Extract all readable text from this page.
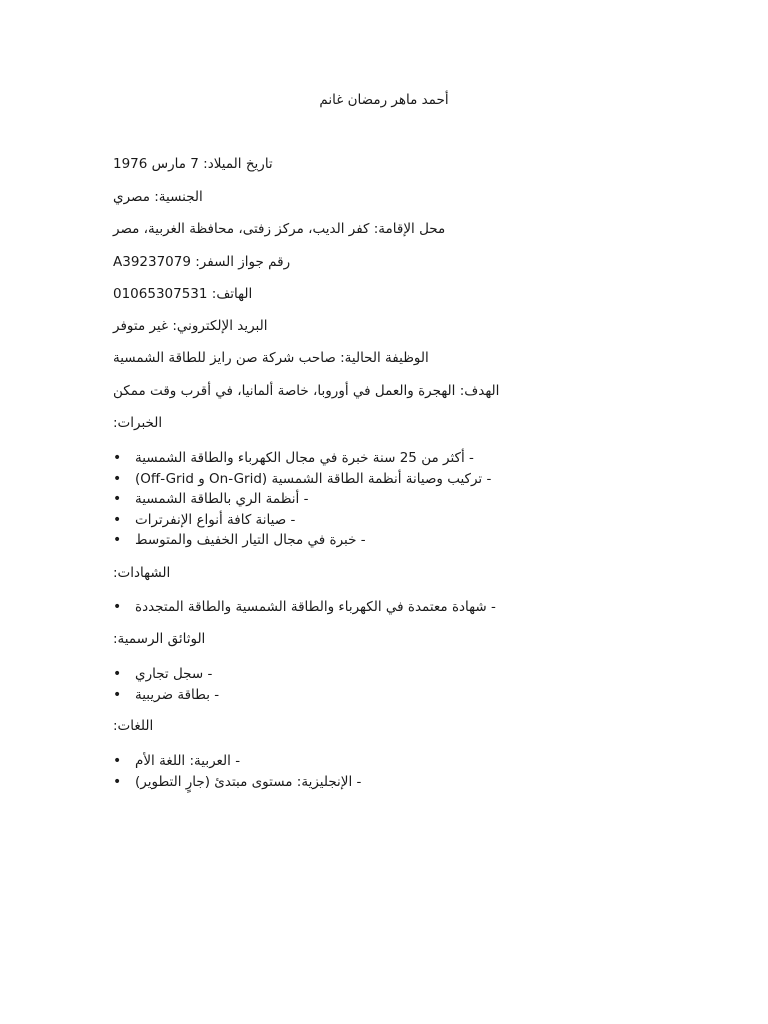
أحمد ماهر رمضان غانم
تاريخ الميلاد: 7 مارس 1976
الجنسية: مصري
محل الإقامة: كفر الديب، مركز زفتى، محافظة الغربية، مصر
رقم جواز السفر: A39237079
الهاتف: 01065307531
البريد الإلكتروني: غير متوفر
الوظيفة الحالية: صاحب شركة صن رايز للطاقة الشمسية
الهدف: الهجرة والعمل في أوروبا، خاصة ألمانيا، في أقرب وقت ممكن
الخبرات:
• - أكثر من 25 سنة خبرة في مجال الكهرباء والطاقة الشمسية
• - تركيب وصيانة أنظمة الطاقة الشمسية (On-Grid و Off-Grid)
• - أنظمة الري بالطاقة الشمسية
• - صيانة كافة أنواع الإنفرترات
• - خبرة في مجال التيار الخفيف والمتوسط
الشهادات:
• - شهادة معتمدة في الكهرباء والطاقة الشمسية والطاقة المتجددة
الوثائق الرسمية:
• - سجل تجاري
• - بطاقة ضريبية
اللغات:
• - العربية: اللغة الأم
• - الإنجليزية: مستوى مبتدئ (جارٍ التطوير)
